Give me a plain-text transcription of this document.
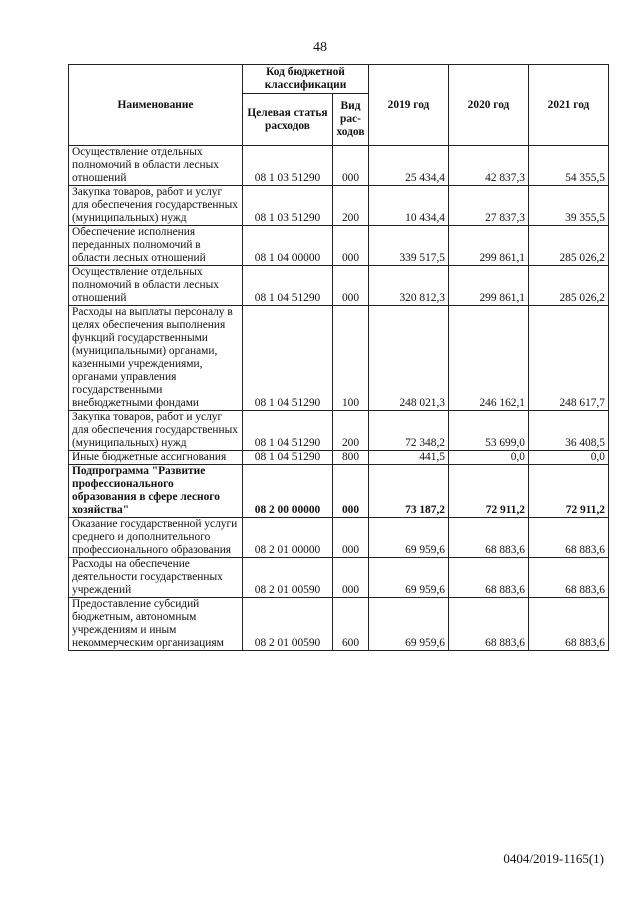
48
Наименование	Код бюджетной классификации		2019 год	2020 год	2021 год
	Целевая статья расходов	Вид рас-ходов			
Осуществление отдельных полномочий в области лесных отношений	08 1 03 51290	000	25 434,4	42 837,3	54 355,5
Закупка товаров, работ и услуг для обеспечения государственных (муниципальных) нужд	08 1 03 51290	200	10 434,4	27 837,3	39 355,5
Обеспечение исполнения переданных полномочий в области лесных отношений	08 1 04 00000	000	339 517,5	299 861,1	285 026,2
Осуществление отдельных полномочий в области лесных отношений	08 1 04 51290	000	320 812,3	299 861,1	285 026,2
Расходы на выплаты персоналу в целях обеспечения выполнения функций государственными (муниципальными) органами, казенными учреждениями, органами управления государственными внебюджетными фондами	08 1 04 51290	100	248 021,3	246 162,1	248 617,7
Закупка товаров, работ и услуг для обеспечения государственных (муниципальных) нужд	08 1 04 51290	200	72 348,2	53 699,0	36 408,5
Иные бюджетные ассигнования	08 1 04 51290	800	441,5	0,0	0,0
Подпрограмма "Развитие профессионального образования в сфере лесного хозяйства"	08 2 00 00000	000	73 187,2	72 911,2	72 911,2
Оказание государственной услуги среднего и дополнительного профессионального образования	08 2 01 00000	000	69 959,6	68 883,6	68 883,6
Расходы на обеспечение деятельности государственных учреждений	08 2 01 00590	000	69 959,6	68 883,6	68 883,6
Предоставление субсидий бюджетным, автономным учреждениям и иным некоммерческим организациям	08 2 01 00590	600	69 959,6	68 883,6	68 883,6
0404/2019-1165(1)
